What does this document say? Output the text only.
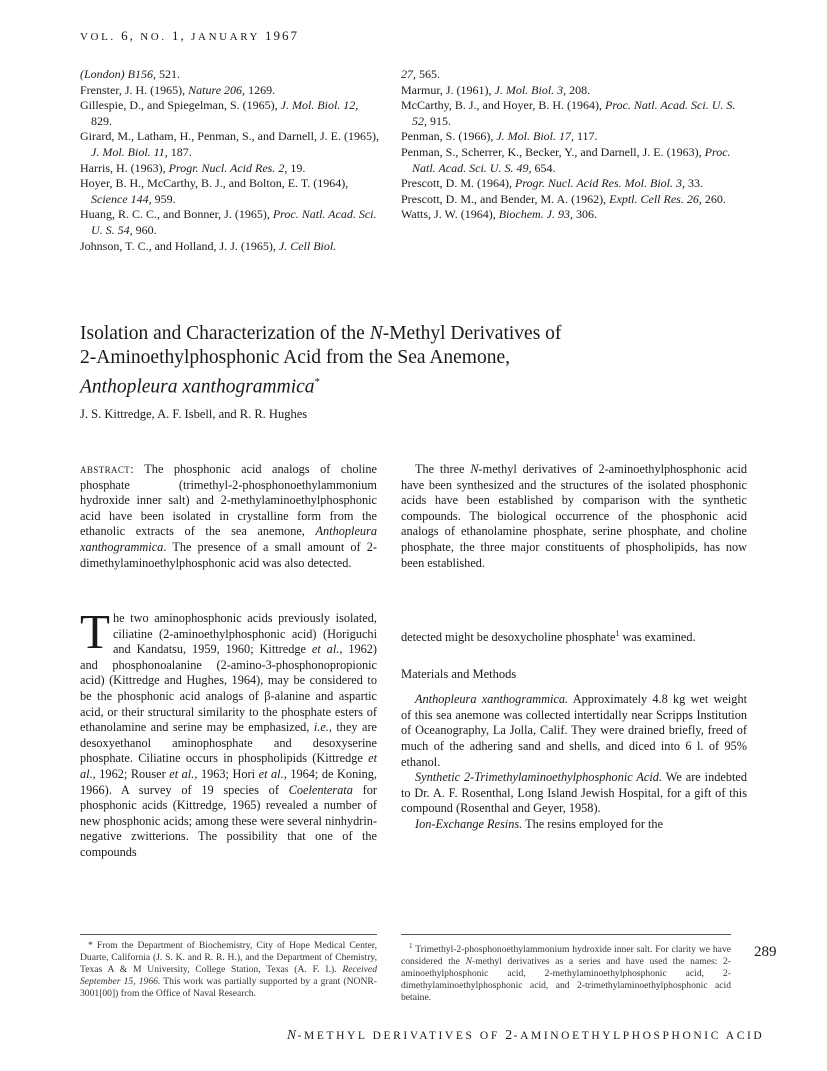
VOL. 6, NO. 1, JANUARY 1967
(London) B156, 521.
Frenster, J. H. (1965), Nature 206, 1269.
Gillespie, D., and Spiegelman, S. (1965), J. Mol. Biol. 12, 829.
Girard, M., Latham, H., Penman, S., and Darnell, J. E. (1965), J. Mol. Biol. 11, 187.
Harris, H. (1963), Progr. Nucl. Acid Res. 2, 19.
Hoyer, B. H., McCarthy, B. J., and Bolton, E. T. (1964), Science 144, 959.
Huang, R. C. C., and Bonner, J. (1965), Proc. Natl. Acad. Sci. U. S. 54, 960.
Johnson, T. C., and Holland, J. J. (1965), J. Cell Biol.
27, 565.
Marmur, J. (1961), J. Mol. Biol. 3, 208.
McCarthy, B. J., and Hoyer, B. H. (1964), Proc. Natl. Acad. Sci. U. S. 52, 915.
Penman, S. (1966), J. Mol. Biol. 17, 117.
Penman, S., Scherrer, K., Becker, Y., and Darnell, J. E. (1963), Proc. Natl. Acad. Sci. U. S. 49, 654.
Prescott, D. M. (1964), Progr. Nucl. Acid Res. Mol. Biol. 3, 33.
Prescott, D. M., and Bender, M. A. (1962), Exptl. Cell Res. 26, 260.
Watts, J. W. (1964), Biochem. J. 93, 306.
Isolation and Characterization of the N-Methyl Derivatives of
2-Aminoethylphosphonic Acid from the Sea Anemone,
Anthopleura xanthogrammica*
J. S. Kittredge, A. F. Isbell, and R. R. Hughes

abstract: The phosphonic acid analogs of choline phosphate (trimethyl-2-phosphonoethylammonium hydroxide inner salt) and 2-methylaminoethylphosphonic acid have been isolated in crystalline form from the ethanolic extracts of the sea anemone, Anthopleura xanthogrammica. The presence of a small amount of 2-dimethylaminoethylphosphonic acid was also detected.

The three N-methyl derivatives of 2-aminoethylphosphonic acid have been synthesized and the structures of the isolated phosphonic acids have been established by comparison with the synthetic compounds. The biological occurrence of the phosphonic acid analogs of ethanolamine phosphate, serine phosphate, and choline phosphate, the three major constituents of phospholipids, has now been established.

The two aminophosphonic acids previously isolated, ciliatine (2-aminoethylphosphonic acid) (Horiguchi and Kandatsu, 1959, 1960; Kittredge et al., 1962) and phosphonoalanine (2-amino-3-phosphonopropionic acid) (Kittredge and Hughes, 1964), may be considered to be the phosphonic acid analogs of β-alanine and aspartic acid, or their structural similarity to the phosphate esters of ethanolamine and serine may be emphasized, i.e., they are desoxyethanol aminophosphate and desoxyserine phosphate. Ciliatine occurs in phospholipids (Kittredge et al., 1962; Rouser et al., 1963; Hori et al., 1964; de Koning, 1966). A survey of 19 species of Coelenterata for phosphonic acids (Kittredge, 1965) revealed a number of new phosphonic acids; among these were several ninhydrin-negative zwitterions. The possibility that one of the compounds

detected might be desoxycholine phosphate$^1$ was examined.

Materials and Methods

Anthopleura xanthogrammica. Approximately 4.8 kg wet weight of this sea anemone was collected intertidally near Scripps Institution of Oceanography, La Jolla, Calif. They were drained briefly, freed of much of the adhering sand and shells, and diced into 6 l. of 95% ethanol.

Synthetic 2-Trimethylaminoethylphosphonic Acid. We are indebted to Dr. A. F. Rosenthal, Long Island Jewish Hospital, for a gift of this compound (Rosenthal and Geyer, 1958).

Ion-Exchange Resins. The resins employed for the

* From the Department of Biochemistry, City of Hope Medical Center, Duarte, California (J. S. K. and R. R. H.), and the Department of Chemistry, Texas A & M University, College Station, Texas (A. F. I.). Received September 15, 1966. This work was partially supported by a grant (NONR-3001[00]) from the Office of Naval Research.

$^1$ Trimethyl-2-phosphonoethylammonium hydroxide inner salt. For clarity we have considered the N-methyl derivatives as a series and have used the names: 2-aminoethylphosphonic acid, 2-methylaminoethylphosphonic acid, 2-dimethylaminoethylphosphonic acid, and 2-trimethylaminoethylphosphonic acid betaine.

289
N-METHYL DERIVATIVES OF 2-AMINOETHYLPHOSPHONIC ACID
